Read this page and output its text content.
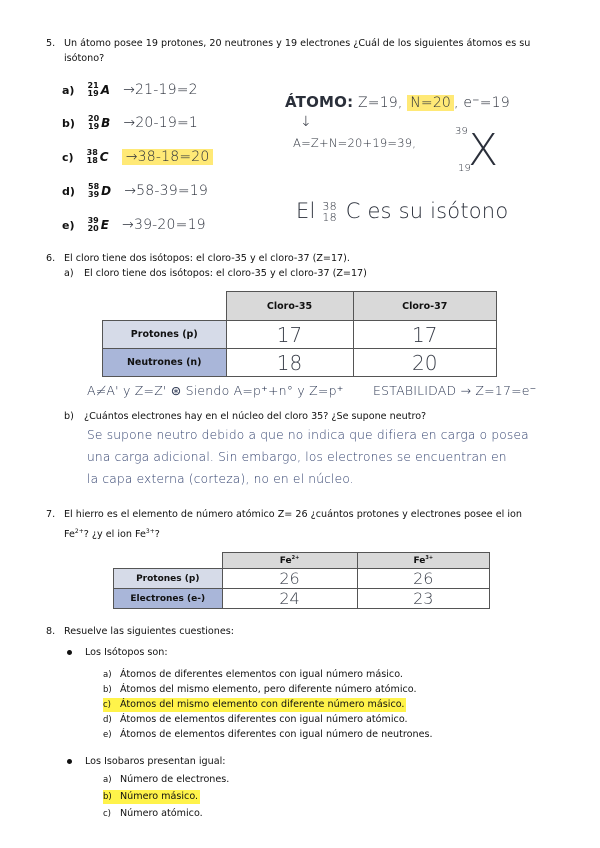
5. Un átomo posee 19 protones, 20 neutrones y 19 electrones ¿Cuál de los siguientes átomos es su
isótono?
a) 21
19 A →21-19=2
b) 20
19 B →20-19=1
c) 38
18 C →38-18=20
d) 58
39 D →58-39=19
e) 39
20 E →39-20=19
ÁTOMO: Z=19, N=20 , e⁻=19
↓
A=Z+N=20+19=39,
39
19
X
El 38
18 C es su isótono
6. El cloro tiene dos isótopos: el cloro-35 y el cloro-37 (Z=17).
a) El cloro tiene dos isótopos: el cloro-35 y el cloro-37 (Z=17)
	Cloro-35	Cloro-37
Protones (p)	17	17
Neutrones (n)	18	20
A≠A' y Z=Z' ⊛ Siendo A=p⁺+n° y Z=p⁺ ESTABILIDAD → Z=17=e⁻
b) ¿Cuántos electrones hay en el núcleo del cloro 35? ¿Se supone neutro?
Se supone neutro debido a que no indica que difiera en carga o posea
una carga adicional. Sin embargo, los electrones se encuentran en
la capa externa (corteza), no en el núcleo.
7. El hierro es el elemento de número atómico Z= 26 ¿cuántos protones y electrones posee el ion
$Fe^{2+}$? ¿y el ion $Fe^{3+}$?
	$Fe^{2+}$	$Fe^{3+}$
Protones (p)	26	26
Electrones (e-)	24	23
8. Resuelve las siguientes cuestiones:
Los Isótopos son:
a) Átomos de diferentes elementos con igual número másico.
b) Átomos del mismo elemento, pero diferente número atómico.
c) Átomos del mismo elemento con diferente número másico.
d) Átomos de elementos diferentes con igual número atómico.
e) Átomos de elementos diferentes con igual número de neutrones.
Los Isobaros presentan igual:
a) Número de electrones.
b) Número másico.
c) Número atómico.
